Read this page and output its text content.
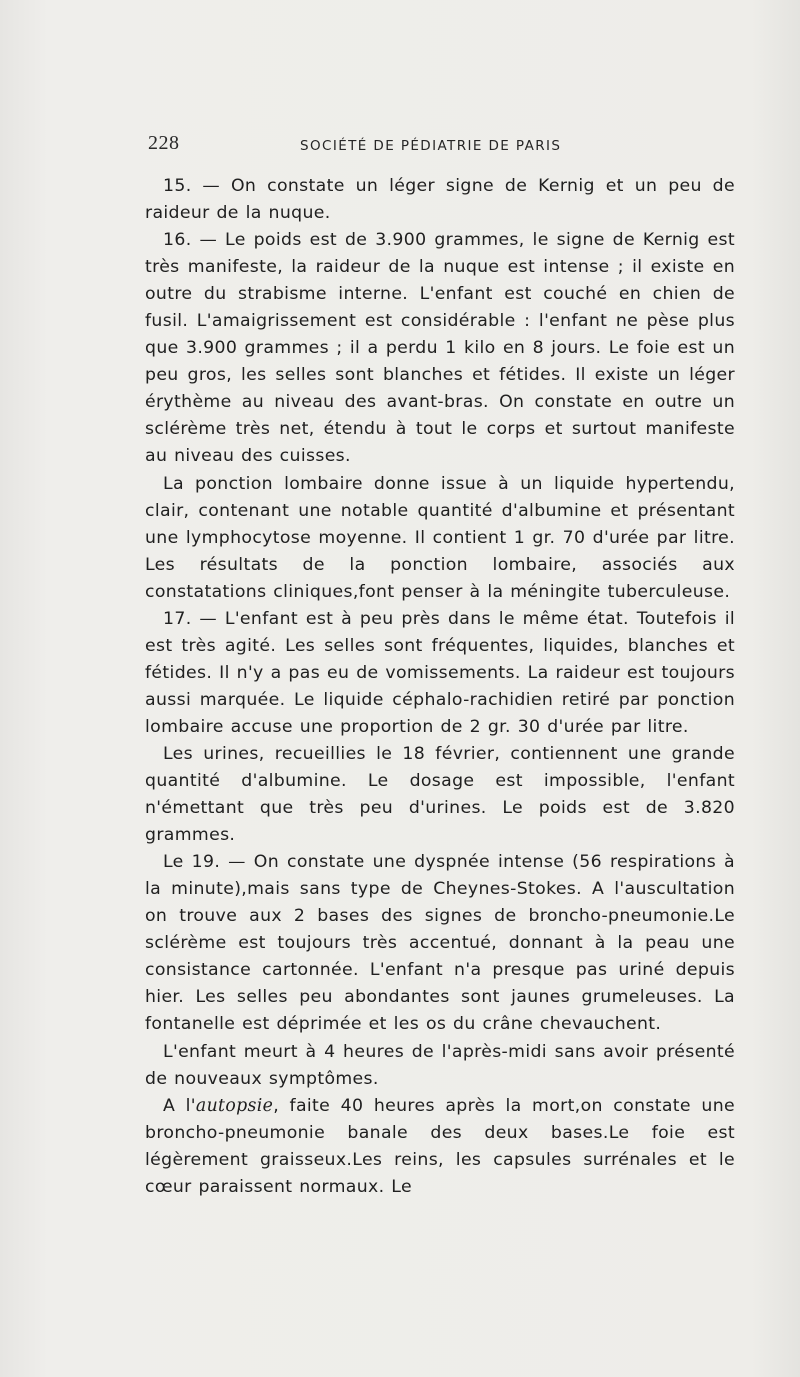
228	SOCIÉTÉ DE PÉDIATRIE DE PARIS

15. — On constate un léger signe de Kernig et un peu de raideur de la nuque.

16. — Le poids est de 3.900 grammes, le signe de Kernig est très manifeste, la raideur de la nuque est intense ; il existe en outre du strabisme interne. L'enfant est couché en chien de fusil. L'amaigrissement est considérable : l'enfant ne pèse plus que 3.900 grammes ; il a perdu 1 kilo en 8 jours. Le foie est un peu gros, les selles sont blanches et fétides. Il existe un léger érythème au niveau des avant-bras. On constate en outre un sclérème très net, étendu à tout le corps et surtout manifeste au niveau des cuisses.

La ponction lombaire donne issue à un liquide hypertendu, clair, contenant une notable quantité d'albumine et présentant une lymphocytose moyenne. Il contient 1 gr. 70 d'urée par litre. Les résultats de la ponction lombaire, associés aux constatations cliniques,font penser à la méningite tuberculeuse.

17. — L'enfant est à peu près dans le même état. Toutefois il est très agité. Les selles sont fréquentes, liquides, blanches et fétides. Il n'y a pas eu de vomissements. La raideur est toujours aussi marquée. Le liquide céphalo-rachidien retiré par ponction lombaire accuse une proportion de 2 gr. 30 d'urée par litre.

Les urines, recueillies le 18 février, contiennent une grande quantité d'albumine. Le dosage est impossible, l'enfant n'émettant que très peu d'urines. Le poids est de 3.820 grammes.

Le 19. — On constate une dyspnée intense (56 respirations à la minute),mais sans type de Cheynes-Stokes. A l'auscultation on trouve aux 2 bases des signes de broncho-pneumonie.Le sclérème est toujours très accentué, donnant à la peau une consistance cartonnée. L'enfant n'a presque pas uriné depuis hier. Les selles peu abondantes sont jaunes grumeleuses. La fontanelle est déprimée et les os du crâne chevauchent.

L'enfant meurt à 4 heures de l'après-midi sans avoir présenté de nouveaux symptômes.

A l'autopsie, faite 40 heures après la mort,on constate une broncho-pneumonie banale des deux bases.Le foie est légèrement graisseux.Les reins, les capsules surrénales et le cœur paraissent normaux. Le
